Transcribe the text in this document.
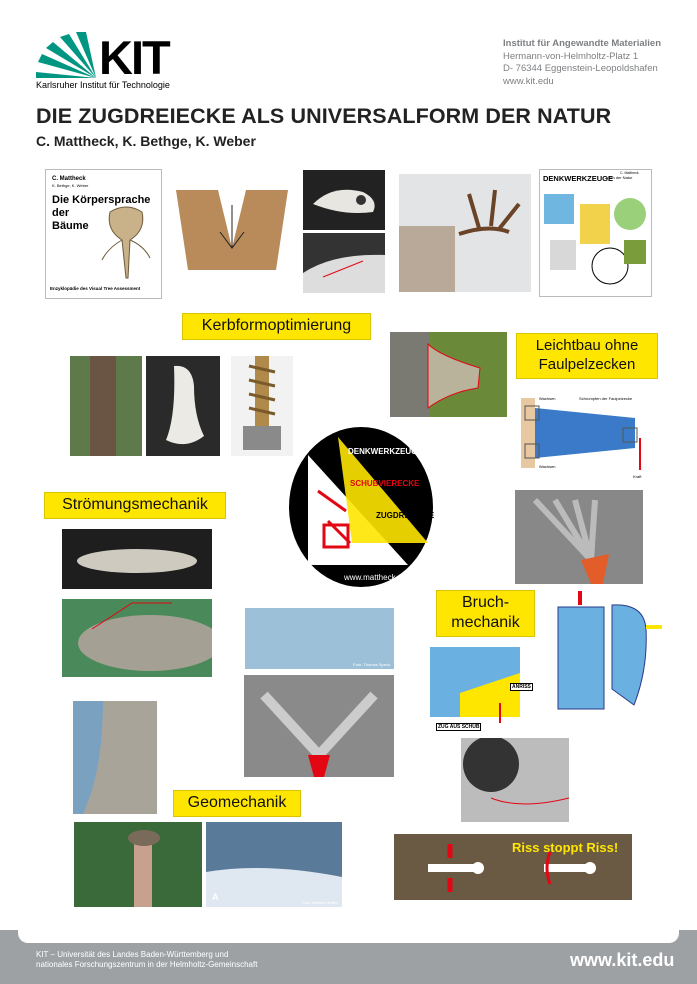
KIT
Karlsruher Institut für Technologie
Institut für Angewandte Materialien
Hermann-von-Helmholtz-Platz 1
D- 76344 Eggenstein-Leopoldshafen
www.kit.edu
DIE ZUGDREIECKE ALS UNIVERSALFORM DER NATUR
C. Mattheck, K. Bethge, K. Weber
C. Mattheck
K. Bethge, K. Weber
Die Körpersprache
der
Bäume
Enzyklopädie des Visual Tree Assessment
DENKWERKZEUGE
nach der Natur
C. Mattheck
Kerbformoptimierung
Leichtbau ohne Faulpelzecken
Wachsen	Schrumpfen der Faulpelzecke
Wachsen
Kraft
DENKWERKZEUGE
SCHUBVIERECKE
ZUGDREIECKE
www.mattheck.de
Strömungsmechanik
Foto: Thomas Speck
Bruch-mechanik
ANRISS
ZUG AUS SCHUB
Geomechanik
A
Foto: Winfried Keller
Riss stoppt Riss!
KIT – Universität des Landes Baden-Württemberg und
nationales Forschungszentrum in der Helmholtz-Gemeinschaft	www.kit.edu
